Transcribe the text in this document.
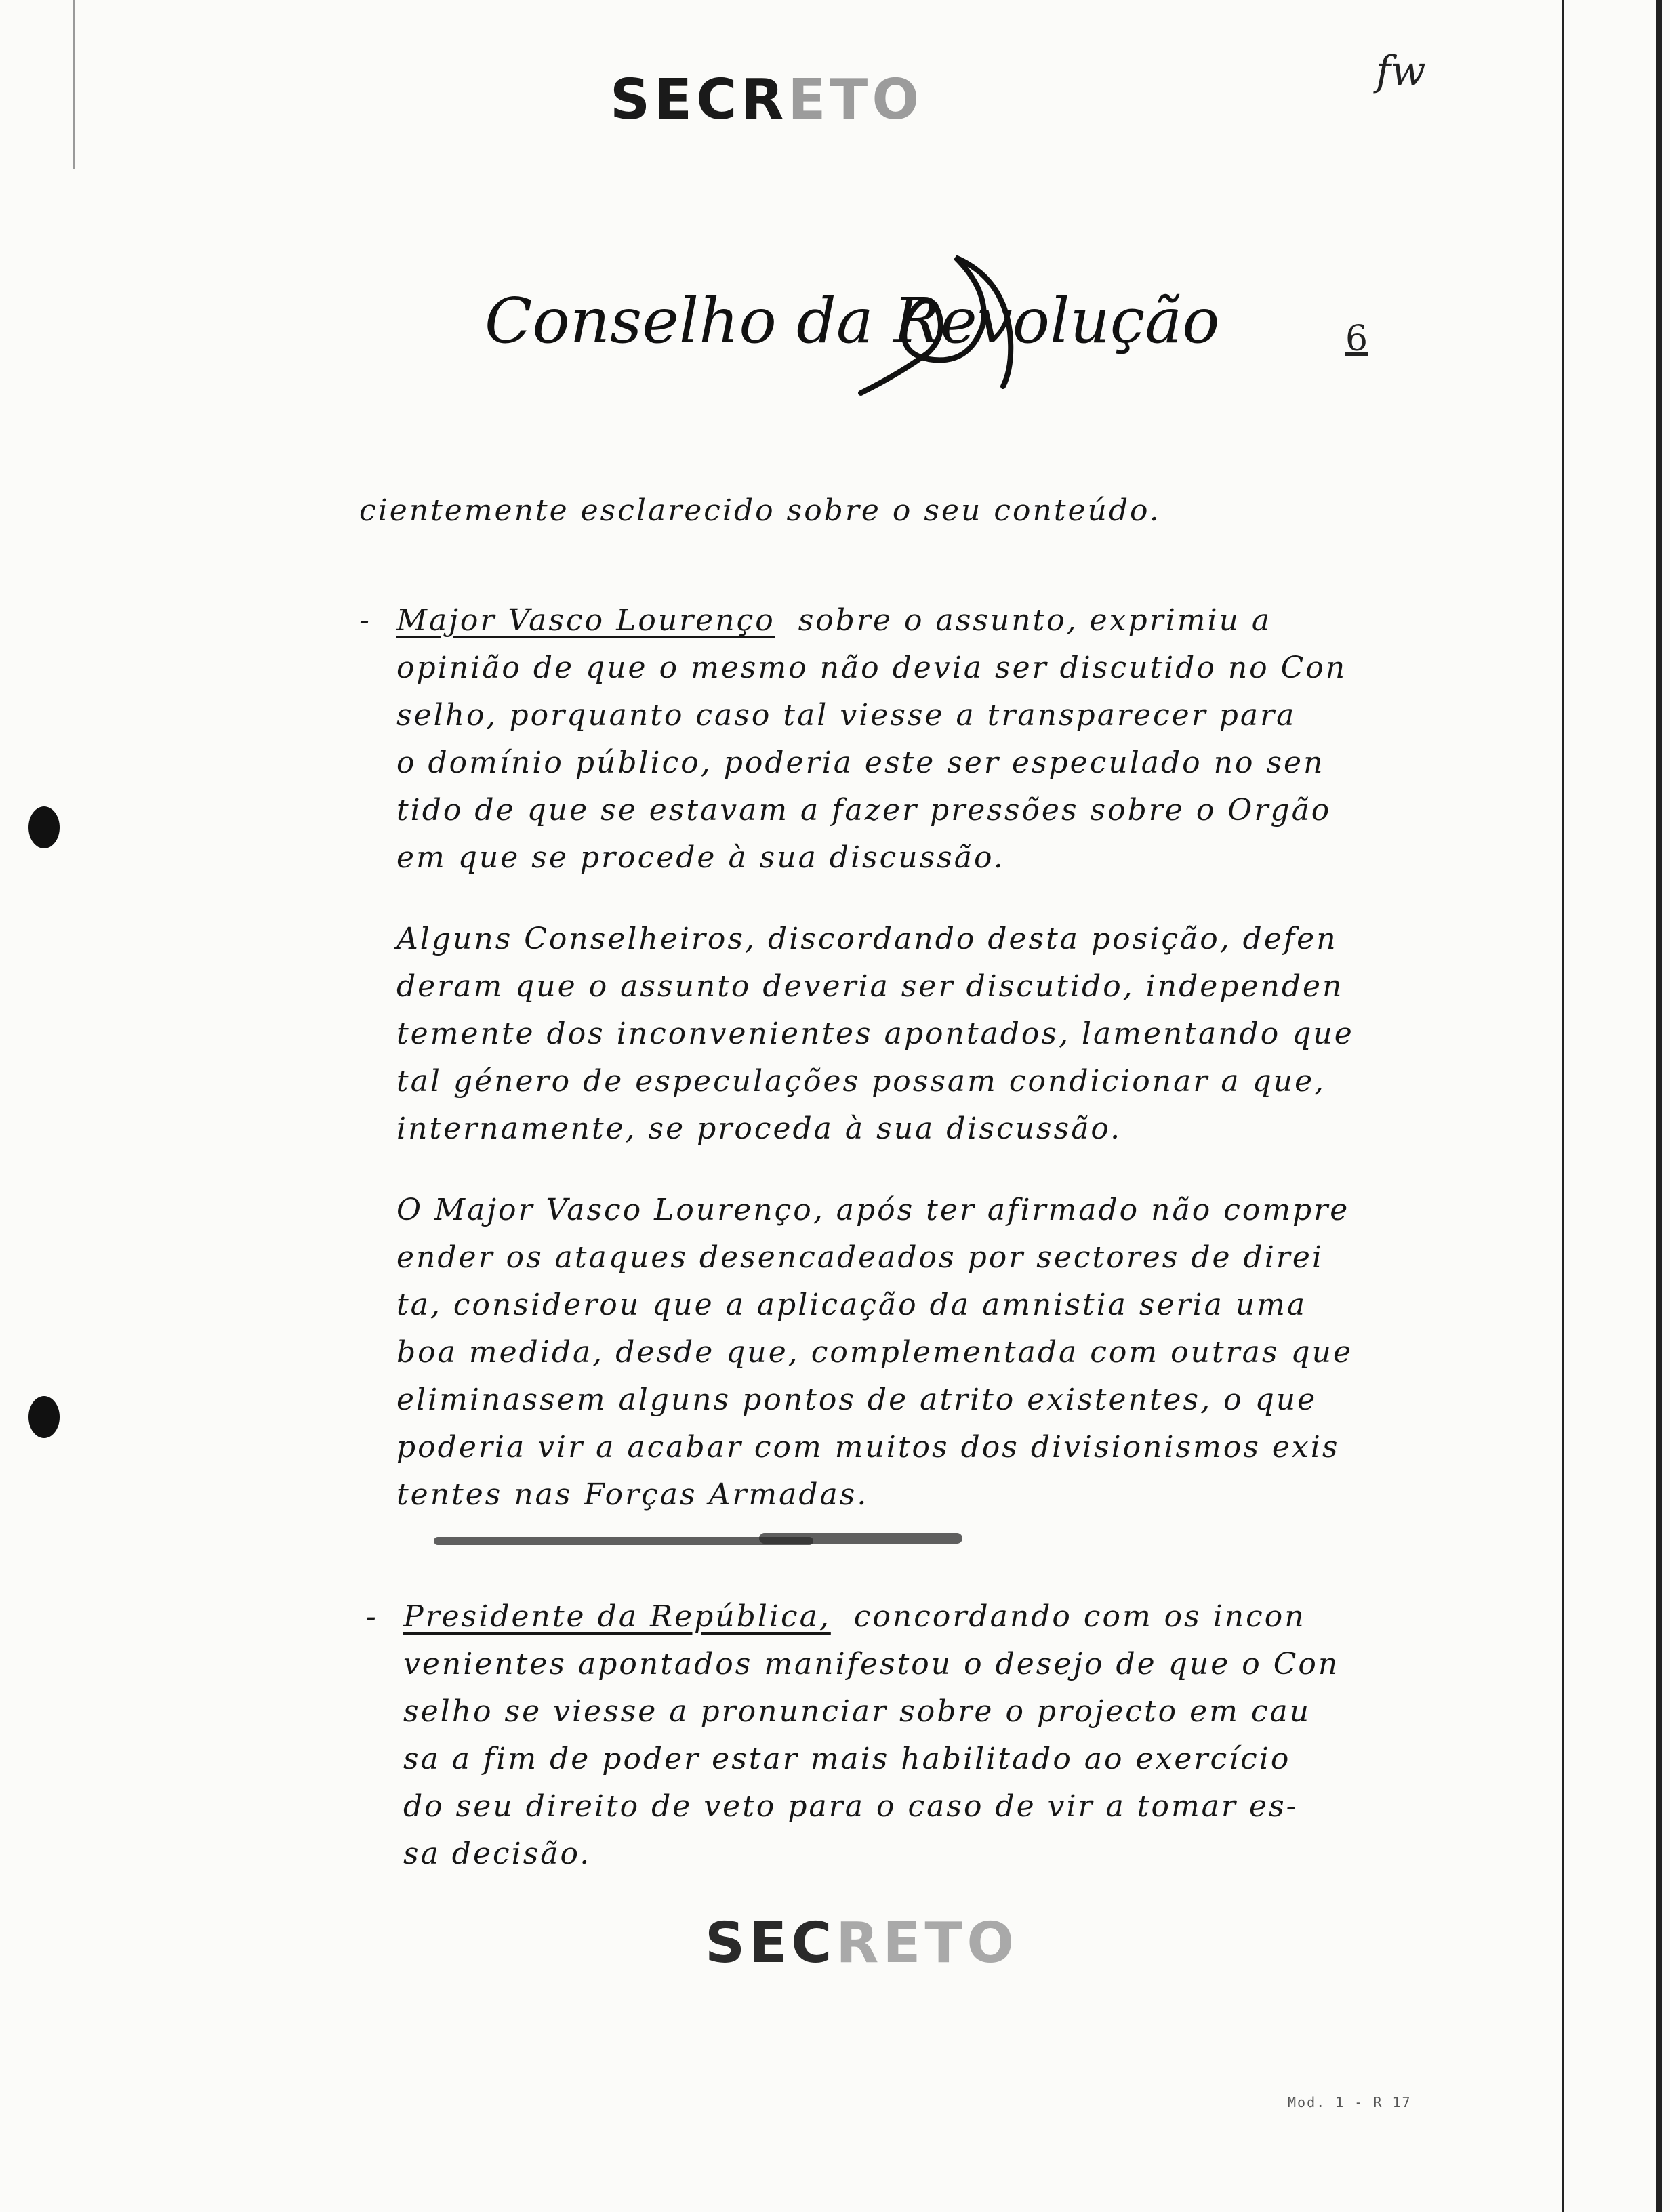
SECRETO	fw
Conselho da Revolução	6
cientemente esclarecido sobre o seu conteúdo.
- Major Vasco Lourenço sobre o assunto, exprimiu a
opinião de que o mesmo não devia ser discutido no Con
selho, porquanto caso tal viesse a transparecer para
o domínio público, poderia este ser especulado no sen
tido de que se estavam a fazer pressões sobre o Orgão
em que se procede à sua discussão.
Alguns Conselheiros, discordando desta posição, defen
deram que o assunto deveria ser discutido, independen
temente dos inconvenientes apontados, lamentando que
tal género de especulações possam condicionar a que,
internamente, se proceda à sua discussão.
O Major Vasco Lourenço, após ter afirmado não compre
ender os ataques desencadeados por sectores de direi
ta, considerou que a aplicação da amnistia seria uma
boa medida, desde que, complementada com outras que
eliminassem alguns pontos de atrito existentes, o que
poderia vir a acabar com muitos dos divisionismos exis
tentes nas Forças Armadas.
- Presidente da República, concordando com os incon
venientes apontados manifestou o desejo de que o Con
selho se viesse a pronunciar sobre o projecto em cau
sa a fim de poder estar mais habilitado ao exercício
do seu direito de veto para o caso de vir a tomar es-
sa decisão.
SECRETO
Mod. 1 - R 17
